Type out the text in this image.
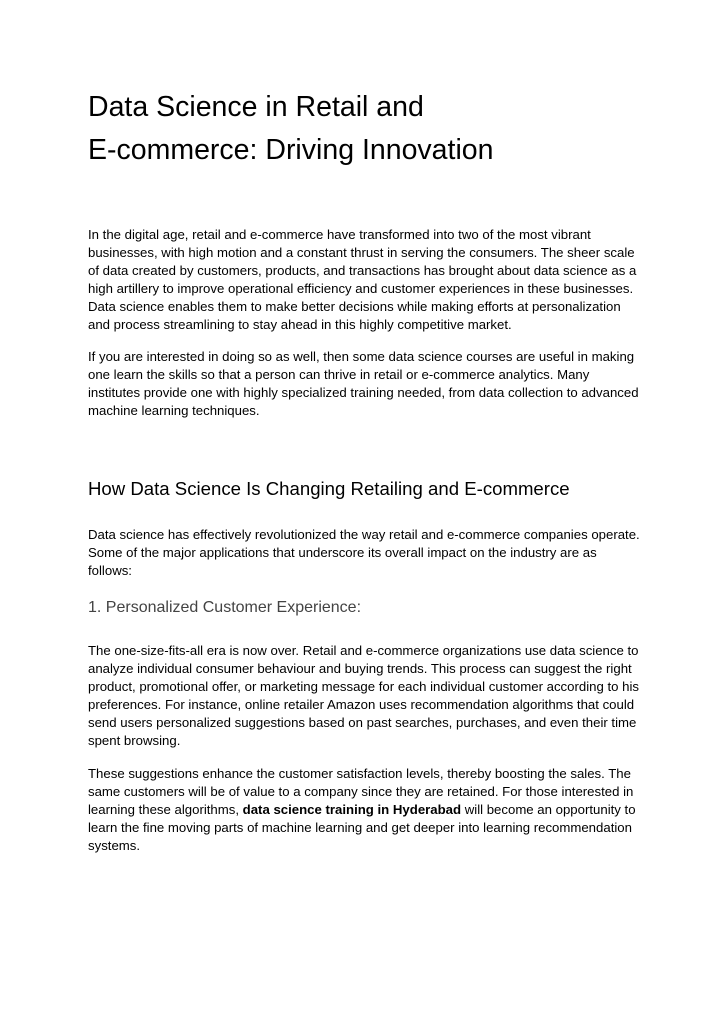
Data Science in Retail and
E-commerce: Driving Innovation

In the digital age, retail and e-commerce have transformed into two of the most vibrant businesses, with high motion and a constant thrust in serving the consumers. The sheer scale of data created by customers, products, and transactions has brought about data science as a high artillery to improve operational efficiency and customer experiences in these businesses. Data science enables them to make better decisions while making efforts at personalization and process streamlining to stay ahead in this highly competitive market.

If you are interested in doing so as well, then some data science courses are useful in making one learn the skills so that a person can thrive in retail or e-commerce analytics. Many institutes provide one with highly specialized training needed, from data collection to advanced machine learning techniques.

How Data Science Is Changing Retailing and E-commerce

Data science has effectively revolutionized the way retail and e-commerce companies operate. Some of the major applications that underscore its overall impact on the industry are as follows:

1. Personalized Customer Experience:

The one-size-fits-all era is now over. Retail and e-commerce organizations use data science to analyze individual consumer behaviour and buying trends. This process can suggest the right product, promotional offer, or marketing message for each individual customer according to his preferences. For instance, online retailer Amazon uses recommendation algorithms that could send users personalized suggestions based on past searches, purchases, and even their time spent browsing.

These suggestions enhance the customer satisfaction levels, thereby boosting the sales. The same customers will be of value to a company since they are retained. For those interested in learning these algorithms, data science training in Hyderabad will become an opportunity to learn the fine moving parts of machine learning and get deeper into learning recommendation systems.
